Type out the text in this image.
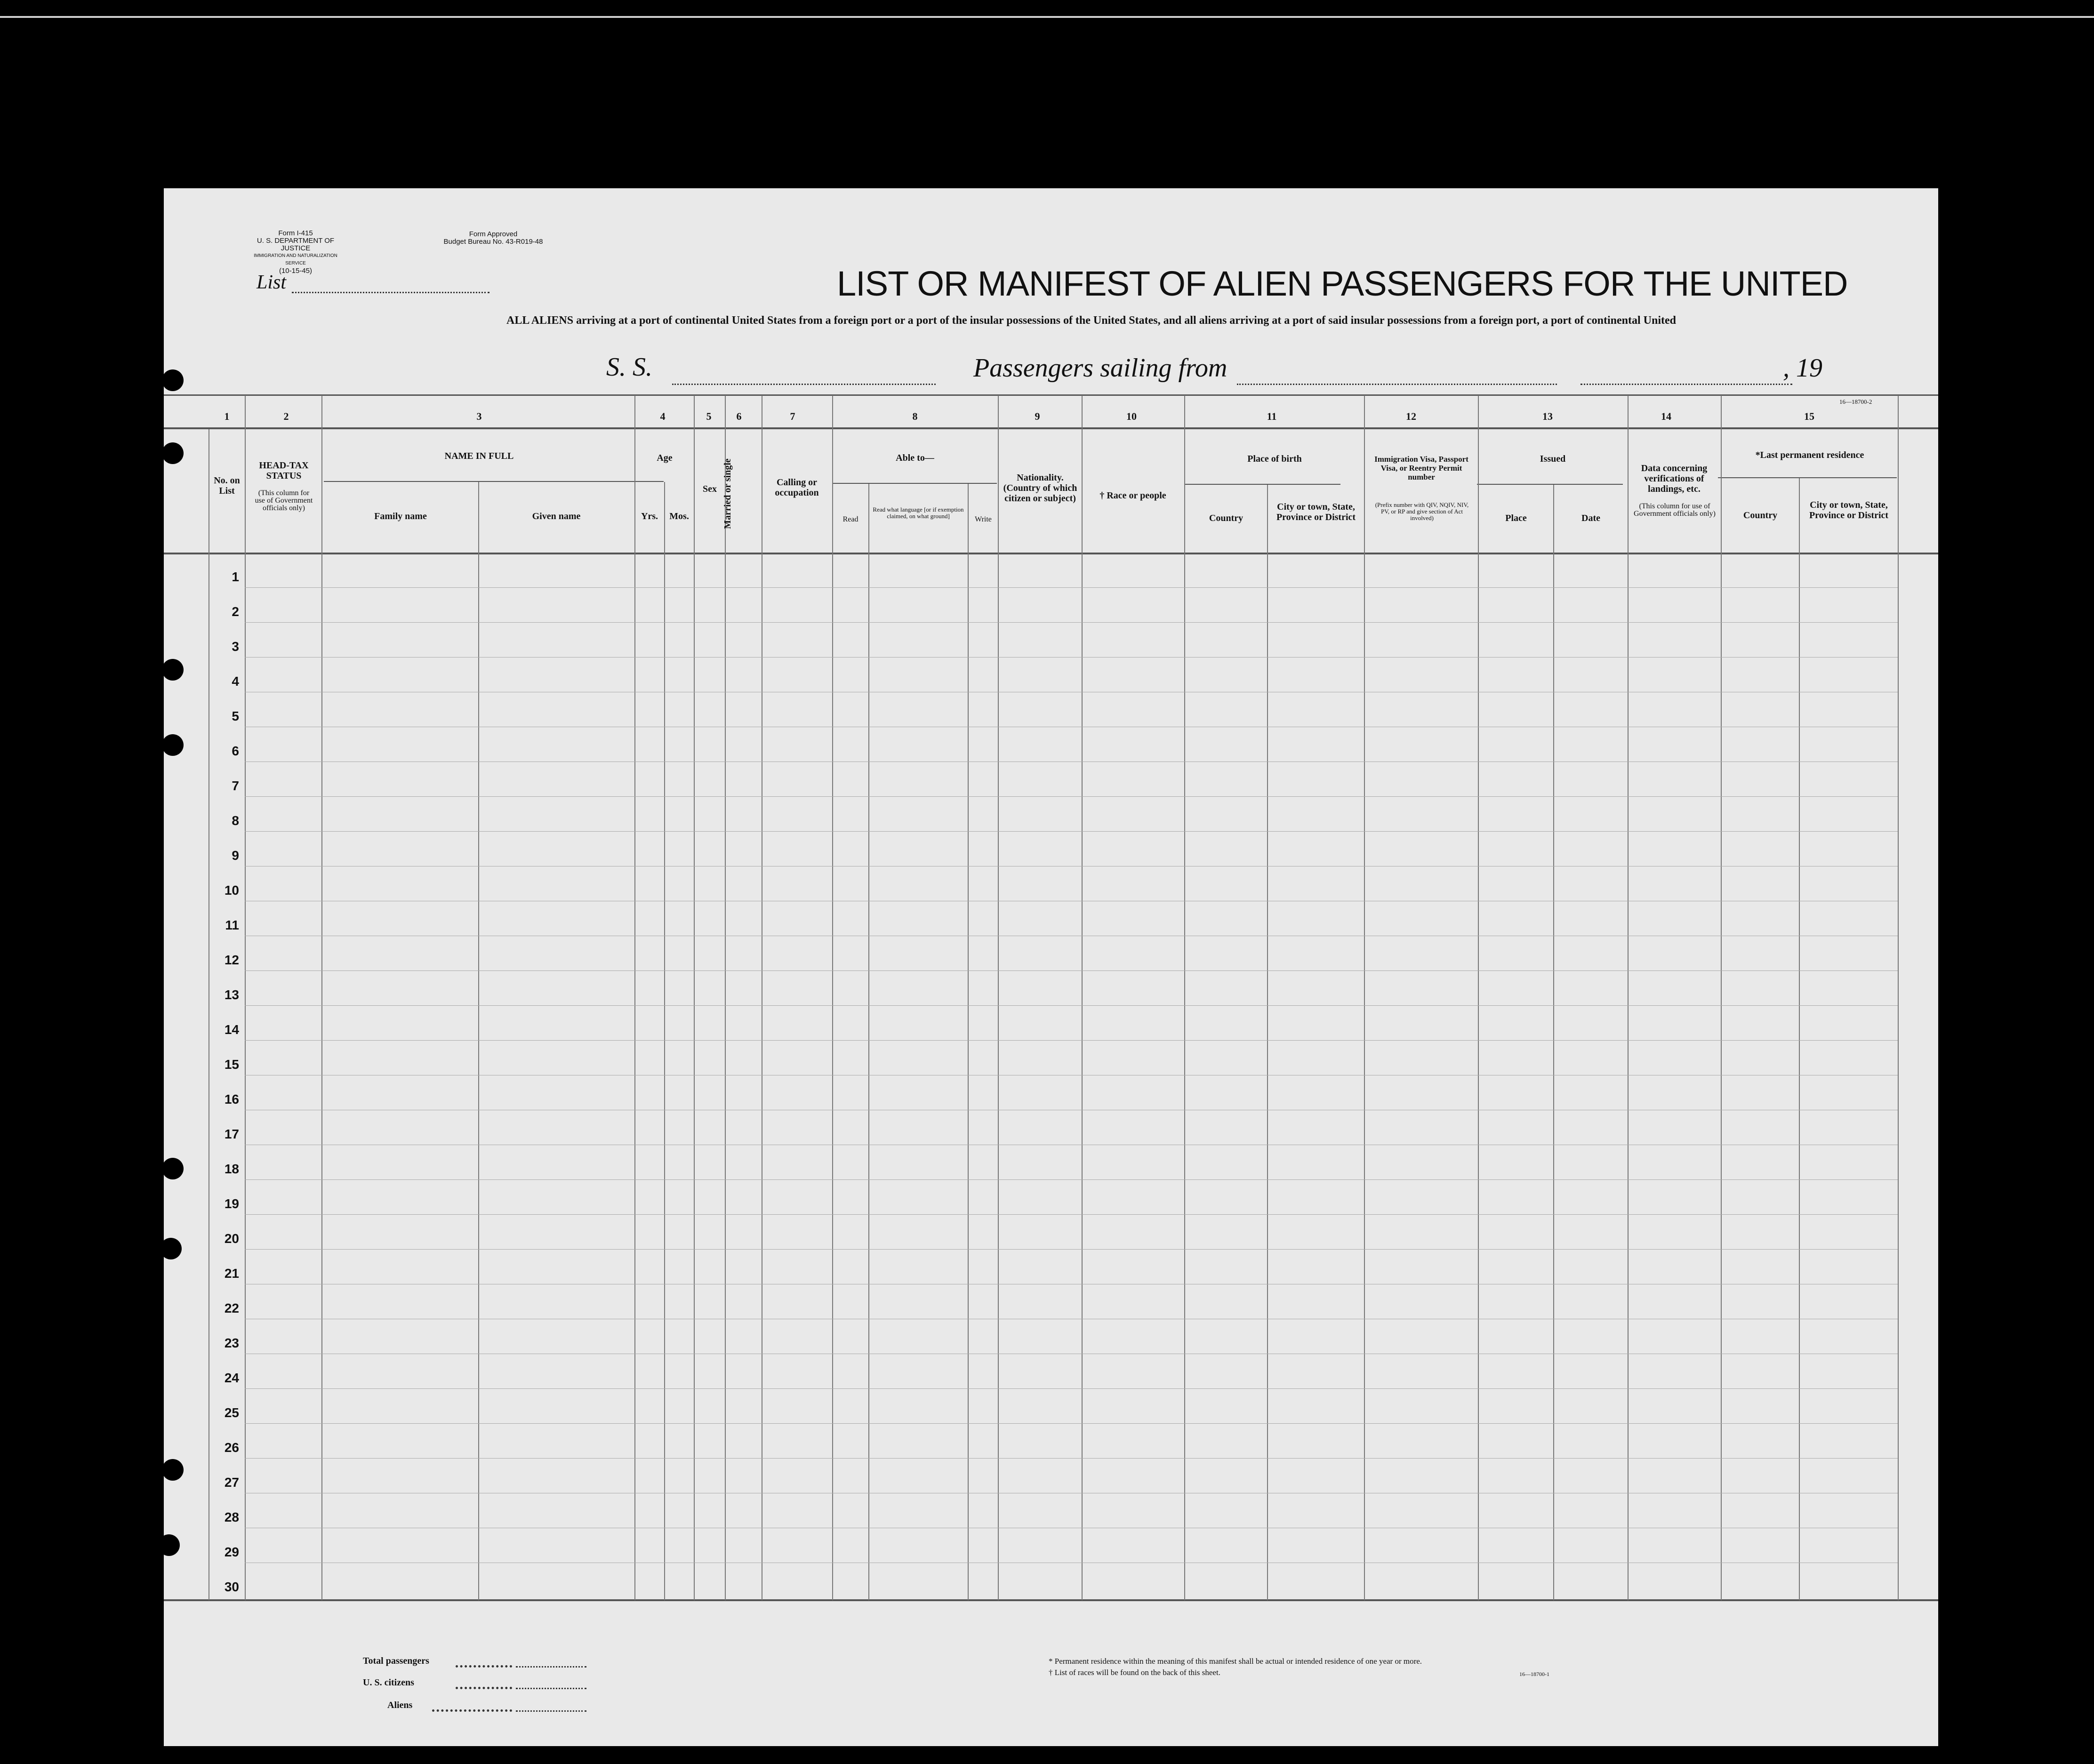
Form I-415
U. S. DEPARTMENT OF JUSTICE
IMMIGRATION AND NATURALIZATION SERVICE
(10-15-45)
Form Approved
Budget Bureau No. 43-R019-48
List	LIST OR MANIFEST OF ALIEN PASSENGERS FOR THE UNITED
ALL ALIENS arriving at a port of continental United States from a foreign port or a port of the insular possessions of the United States, and all aliens arriving at a port of said insular possessions from a foreign port, a port of continental United
S. S.	Passengers sailing from	, 19
16—18700-2
1	2	3	4	5	6	7	8	9	10	11	12	13	14	15
No. on List
HEAD-TAX STATUS
(This column for use of Government officials only)
NAME IN FULL
Family name	Given name
Age
Yrs.	Mos.
Sex Married or single	Calling or occupation
Able to—
Read
Read what language [or if exemption claimed, on what ground]	Write
Nationality. (Country of which citizen or subject)	† Race or people
Place of birth
Country
City or town, State, Province or District
Immigration Visa, Passport Visa, or Reentry Permit number
(Prefix number with QIV, NQIV, NIV, PV, or RP and give section of Act involved)
Issued
Place	Date
Data concerning verifications of landings, etc.
(This column for use of Government officials only)
*Last permanent residence
Country
City or town, State, Province or District
1
2
3
4
5
6
7
8
9
10
11
12
13
14
15
16
17
18
19
20
21
22
23
24
25
26
27
28
29
30
Total passengers
U. S. citizens
Aliens
* Permanent residence within the meaning of this manifest shall be actual or intended residence of one year or more.
† List of races will be found on the back of this sheet.	16—18700-1
